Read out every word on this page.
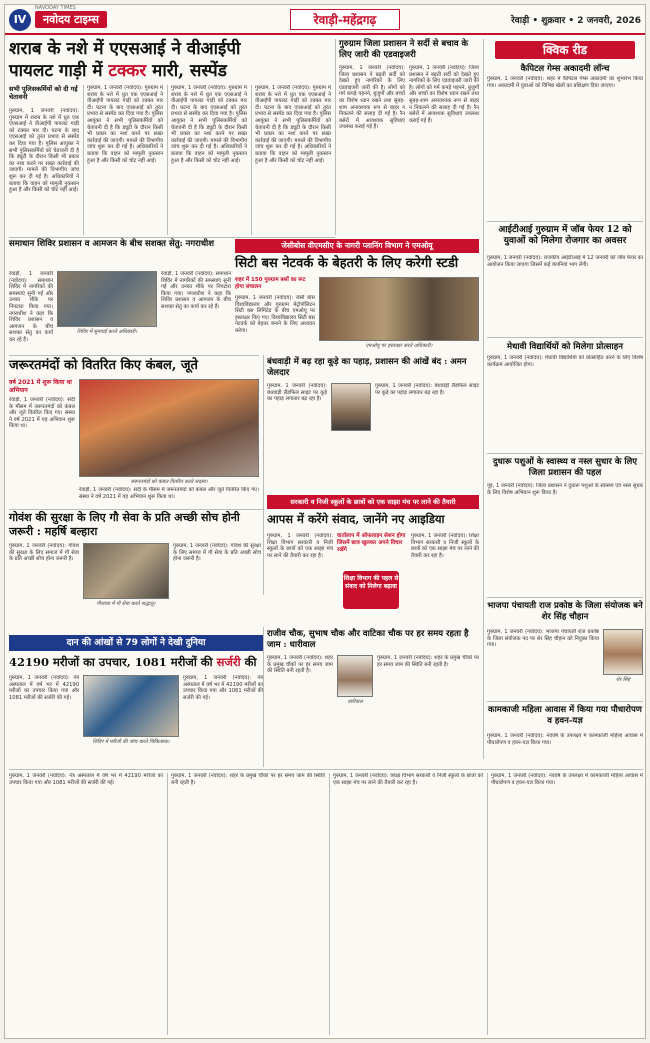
IV
NAVODAY TIMES
नवोदय टाइम्स	रेवाड़ी-महेंद्रगढ़	रेवाड़ी • शुक्रवार • 2 जनवरी, 2026
शराब के नशे में एएसआई ने वीआईपी
पायलट गाड़ी में टक्कर मारी, सस्पेंड
सभी पुलिसकर्मियों को दी गई चेतावनी
गुरुग्राम, 1 जनवरी (नवोदय): गुरुग्राम में शराब के नशे में धुत एक एएसआई ने वीआईपी पायलट गाड़ी को टक्कर मार दी। घटना के बाद एएसआई को तुरंत प्रभाव से सस्पेंड कर दिया गया है। पुलिस आयुक्त ने सभी पुलिसकर्मियों को चेतावनी दी है कि ड्यूटी के दौरान किसी भी प्रकार का नशा करने पर सख्त कार्रवाई की जाएगी। मामले की विभागीय जांच शुरू कर दी गई है। अधिकारियों ने बताया कि वाहन को मामूली नुकसान हुआ है और किसी को चोट नहीं आई।
गुरुग्राम, 1 जनवरी (नवोदय): गुरुग्राम में शराब के नशे में धुत एक एएसआई ने वीआईपी पायलट गाड़ी को टक्कर मार दी। घटना के बाद एएसआई को तुरंत प्रभाव से सस्पेंड कर दिया गया है। पुलिस आयुक्त ने सभी पुलिसकर्मियों को चेतावनी दी है कि ड्यूटी के दौरान किसी भी प्रकार का नशा करने पर सख्त कार्रवाई की जाएगी। मामले की विभागीय जांच शुरू कर दी गई है। अधिकारियों ने बताया कि वाहन को मामूली नुकसान हुआ है और किसी को चोट नहीं आई।
गुरुग्राम, 1 जनवरी (नवोदय): गुरुग्राम में शराब के नशे में धुत एक एएसआई ने वीआईपी पायलट गाड़ी को टक्कर मार दी। घटना के बाद एएसआई को तुरंत प्रभाव से सस्पेंड कर दिया गया है। पुलिस आयुक्त ने सभी पुलिसकर्मियों को चेतावनी दी है कि ड्यूटी के दौरान किसी भी प्रकार का नशा करने पर सख्त कार्रवाई की जाएगी। मामले की विभागीय जांच शुरू कर दी गई है। अधिकारियों ने बताया कि वाहन को मामूली नुकसान हुआ है और किसी को चोट नहीं आई।
गुरुग्राम, 1 जनवरी (नवोदय): गुरुग्राम में शराब के नशे में धुत एक एएसआई ने वीआईपी पायलट गाड़ी को टक्कर मार दी। घटना के बाद एएसआई को तुरंत प्रभाव से सस्पेंड कर दिया गया है। पुलिस आयुक्त ने सभी पुलिसकर्मियों को चेतावनी दी है कि ड्यूटी के दौरान किसी भी प्रकार का नशा करने पर सख्त कार्रवाई की जाएगी। मामले की विभागीय जांच शुरू कर दी गई है। अधिकारियों ने बताया कि वाहन को मामूली नुकसान हुआ है और किसी को चोट नहीं आई।
गुरुग्राम जिला प्रशासन ने सर्दी से बचाव के लिए जारी की एडवाइजरी
गुरुग्राम, 1 जनवरी (नवोदय): जिला प्रशासन ने बढ़ती सर्दी को देखते हुए नागरिकों के लिए एडवाइजरी जारी की है। लोगों को गर्म कपड़े पहनने, बुजुर्गों और बच्चों का विशेष ध्यान रखने तथा सुबह-शाम अनावश्यक रूप से बाहर न निकलने की सलाह दी गई है। रैन बसेरों में आवश्यक सुविधाएं उपलब्ध कराई गई हैं।
गुरुग्राम, 1 जनवरी (नवोदय): जिला प्रशासन ने बढ़ती सर्दी को देखते हुए नागरिकों के लिए एडवाइजरी जारी की है। लोगों को गर्म कपड़े पहनने, बुजुर्गों और बच्चों का विशेष ध्यान रखने तथा सुबह-शाम अनावश्यक रूप से बाहर न निकलने की सलाह दी गई है। रैन बसेरों में आवश्यक सुविधाएं उपलब्ध कराई गई हैं।
क्विक रीड
कैपिटल गेम्स अकादमी लॉन्च
गुरुग्राम, 1 जनवरी (नवोदय): शहर में कैपिटल गेम्स अकादमी का शुभारंभ किया गया। अकादमी में युवाओं को विभिन्न खेलों का प्रशिक्षण दिया जाएगा।
आईटीआई गुरुग्राम में जॉब फेयर 12 को युवाओं को मिलेगा रोजगार का अवसर
गुरुग्राम, 1 जनवरी (नवोदय): राजकीय आईटीआई में 12 जनवरी को जॉब फेयर का आयोजन किया जाएगा जिसमें कई कंपनियां भाग लेंगी।
मेधावी विद्यार्थियों को मिलेगा प्रोत्साहन
गुरुग्राम, 1 जनवरी (नवोदय): मेधावी विद्यार्थियों को प्रोत्साहित करने के लिए विशेष कार्यक्रम आयोजित होगा।
समाधान शिविर प्रशासन व आमजन के बीच सशक्त सेतु: नगराधीश
रेवाड़ी, 1 जनवरी (नवोदय): समाधान शिविर में नागरिकों की समस्याएं सुनी गईं और उनका मौके पर निपटारा किया गया। नगराधीश ने कहा कि शिविर प्रशासन व आमजन के बीच सशक्त सेतु का कार्य कर रहे हैं।
शिविर में सुनवाई करते अधिकारी।
रेवाड़ी, 1 जनवरी (नवोदय): समाधान शिविर में नागरिकों की समस्याएं सुनी गईं और उनका मौके पर निपटारा किया गया। नगराधीश ने कहा कि शिविर प्रशासन व आमजन के बीच सशक्त सेतु का कार्य कर रहे हैं।
जेसीबोस वीएमसीए के नागरी प्लानिंग विभाग ने एमओयू
सिटी बस नेटवर्क के बेहतरी के लिए करेगी स्टडी
शहर में 150 गुरुग्राम बसों का रूट होगा संचालन
गुरुग्राम, 1 जनवरी (नवोदय): जेसी बोस विश्वविद्यालय और गुरुग्राम मेट्रोपॉलिटन सिटी बस लिमिटेड के बीच एमओयू पर हस्ताक्षर किए गए। विश्वविद्यालय सिटी बस नेटवर्क को बेहतर बनाने के लिए अध्ययन करेगा।
एमओयू पर हस्ताक्षर करते अधिकारी।
जरूरतमंदों को वितरित किए कंबल, जूते
वर्ष 2021 में शुरू किया था अभियान
रेवाड़ी, 1 जनवरी (नवोदय): सर्दी के मौसम में जरूरतमंदों को कंबल और जूते वितरित किए गए। संस्था ने वर्ष 2021 में यह अभियान शुरू किया था।
जरूरतमंदों को कंबल वितरित करते सदस्य।
रेवाड़ी, 1 जनवरी (नवोदय): सर्दी के मौसम में जरूरतमंदों को कंबल और जूते वितरित किए गए। संस्था ने वर्ष 2021 में यह अभियान शुरू किया था।
बंधवाड़ी में बढ़ रहा कूड़े का पहाड़, प्रशासन की आंखें बंद : अमन जेलदार
गुरुग्राम, 1 जनवरी (नवोदय): बंधवाड़ी लैंडफिल साइट पर कूड़े का पहाड़ लगातार बढ़ रहा है।
गुरुग्राम, 1 जनवरी (नवोदय): बंधवाड़ी लैंडफिल साइट पर कूड़े का पहाड़ लगातार बढ़ रहा है।
दुधारू पशुओं के स्वास्थ्य व नस्ल सुधार के लिए जिला प्रशासन की पहल
नूंह, 1 जनवरी (नवोदय): जिला प्रशासन ने दुधारू पशुओं के स्वास्थ्य एवं नस्ल सुधार के लिए विशेष अभियान शुरू किया है।
गोवंश की सुरक्षा के लिए गौ सेवा के प्रति अच्छी सोच होनी जरूरी : महर्षि बल्हारा
गुरुग्राम, 1 जनवरी (नवोदय): गोवंश की सुरक्षा के लिए समाज में गौ सेवा के प्रति अच्छी सोच होना जरूरी है।
गौशाला में गौ सेवा करते श्रद्धालु।
गुरुग्राम, 1 जनवरी (नवोदय): गोवंश की सुरक्षा के लिए समाज में गौ सेवा के प्रति अच्छी सोच होना जरूरी है।
सरकारी व निजी स्कूलों के छात्रों को एक साझा मंच पर लाने की तैयारी
आपस में करेंगे संवाद, जानेंगे नए आइडिया
गुरुग्राम, 1 जनवरी (नवोदय): शिक्षा विभाग सरकारी व निजी स्कूलों के छात्रों को एक साझा मंच पर लाने की तैयारी कर रहा है।
वार्तालाप में ऑफलाइन सेशन होगा जिसमें छात्र खुलकर अपने विचार रखेंगे
शिक्षा विभाग की पहल से संवाद को मिलेगा बढ़ावा
गुरुग्राम, 1 जनवरी (नवोदय): शिक्षा विभाग सरकारी व निजी स्कूलों के छात्रों को एक साझा मंच पर लाने की तैयारी कर रहा है।
भाजपा पंचायती राज प्रकोष्ठ के जिला संयोजक बने शेर सिंह चौहान
गुरुग्राम, 1 जनवरी (नवोदय): भाजपा पंचायती राज प्रकोष्ठ के जिला संयोजक पद पर शेर सिंह चौहान को नियुक्त किया गया।
शेर सिंह
दान की आंखों से 79 लोगों ने देखी दुनिया
42190 मरीजों का उपचार, 1081 मरीजों की सर्जरी की
गुरुग्राम, 1 जनवरी (नवोदय): नेत्र अस्पताल में वर्ष भर में 42190 मरीजों का उपचार किया गया और 1081 मरीजों की सर्जरी की गई।
शिविर में मरीजों की जांच करते चिकित्सक।
गुरुग्राम, 1 जनवरी (नवोदय): नेत्र अस्पताल में वर्ष भर में 42190 मरीजों का उपचार किया गया और 1081 मरीजों की सर्जरी की गई।
राजीव चौक, सुभाष चौक और वाटिका चौक पर हर समय रहता है जाम : धारीवाल
गुरुग्राम, 1 जनवरी (नवोदय): शहर के प्रमुख चौकों पर हर समय जाम की स्थिति बनी रहती है।
धारीवाल
गुरुग्राम, 1 जनवरी (नवोदय): शहर के प्रमुख चौकों पर हर समय जाम की स्थिति बनी रहती है।
कामकाजी महिला आवास में किया गया पौधारोपण व हवन-यज्ञ
गुरुग्राम, 1 जनवरी (नवोदय): नववर्ष के उपलक्ष्य में कामकाजी महिला आवास में पौधारोपण व हवन-यज्ञ किया गया।
गुरुग्राम, 1 जनवरी (नवोदय): नेत्र अस्पताल में वर्ष भर में 42190 मरीजों का उपचार किया गया और 1081 मरीजों की सर्जरी की गई।
गुरुग्राम, 1 जनवरी (नवोदय): शहर के प्रमुख चौकों पर हर समय जाम की स्थिति बनी रहती है।
गुरुग्राम, 1 जनवरी (नवोदय): शिक्षा विभाग सरकारी व निजी स्कूलों के छात्रों को एक साझा मंच पर लाने की तैयारी कर रहा है।
गुरुग्राम, 1 जनवरी (नवोदय): नववर्ष के उपलक्ष्य में कामकाजी महिला आवास में पौधारोपण व हवन-यज्ञ किया गया।
